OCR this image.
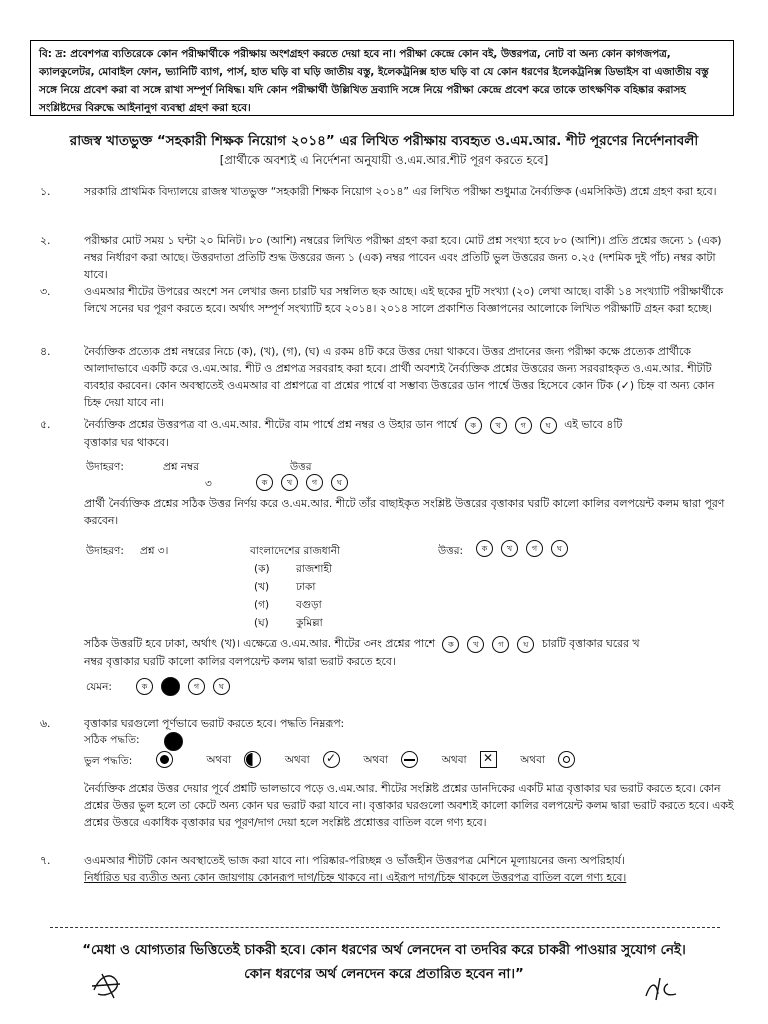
বি: দ্র: প্রবেশপত্র ব্যতিরেকে কোন পরীক্ষার্থীকে পরীক্ষায় অংশগ্রহণ করতে দেয়া হবে না। পরীক্ষা কেন্দ্রে কোন বই, উত্তরপত্র, নোট বা অন্য কোন কাগজপত্র, ক্যালকুলেটর, মোবাইল ফোন, ভ্যানিটি ব্যাগ, পার্স, হাত ঘড়ি বা ঘড়ি জাতীয় বস্তু, ইলেকট্রনিক্স হাত ঘড়ি বা যে কোন ধরণের ইলেকট্রনিক্স ডিভাইস বা এজাতীয় বস্তু সঙ্গে নিয়ে প্রবেশ করা বা সঙ্গে রাখা সম্পূর্ণ নিষিদ্ধ। যদি কোন পরীক্ষার্থী উল্লিখিত দ্রব্যাদি সঙ্গে নিয়ে পরীক্ষা কেন্দ্রে প্রবেশ করে তাকে তাৎক্ষণিক বহিষ্কার করাসহ সংশ্লিষ্টদের বিরুদ্ধে আইনানুগ ব্যবস্থা গ্রহণ করা হবে।
রাজস্ব খাতভুক্ত “সহকারী শিক্ষক নিয়োগ ২০১৪” এর লিখিত পরীক্ষায় ব্যবহৃত ও.এম.আর. শীট পূরণের নির্দেশনাবলী
[প্রার্থীকে অবশ্যই এ নির্দেশনা অনুযায়ী ও.এম.আর.শীট পূরণ করতে হবে]
১.	সরকারি প্রাথমিক বিদ্যালয়ে রাজস্ব খাতভুক্ত “সহকারী শিক্ষক নিয়োগ ২০১৪” এর লিখিত পরীক্ষা শুধুমাত্র নৈর্ব্যক্তিক (এমসিকিউ) প্রশ্নে গ্রহণ করা হবে।
২.	পরীক্ষার মোট সময় ১ ঘন্টা ২০ মিনিট। ৮০ (আশি) নম্বরের লিখিত পরীক্ষা গ্রহণ করা হবে। মোট প্রশ্ন সংখ্যা হবে ৮০ (আশি)। প্রতি প্রশ্নের জন্যে ১ (এক) নম্বর নির্ধারণ করা আছে। উত্তরদাতা প্রতিটি শুদ্ধ উত্তরের জন্য ১ (এক) নম্বর পাবেন এবং প্রতিটি ভুল উত্তরের জন্য ০.২৫ (দশমিক দুই পাঁচ) নম্বর কাটা যাবে।
৩.	ওএমআর শীটের উপরের অংশে সন লেখার জন্য চারটি ঘর সম্বলিত ছক আছে। এই ছকের দুটি সংখ্যা (২০) লেখা আছে। বাকী ১৪ সংখ্যাটি পরীক্ষার্থীকে লিখে সনের ঘর পূরণ করতে হবে। অর্থাৎ সম্পূর্ণ সংখ্যাটি হবে ২০১৪। ২০১৪ সালে প্রকাশিত বিজ্ঞাপনের আলোকে লিখিত পরীক্ষাটি গ্রহন করা হচ্ছে।
৪.	নৈর্ব্যক্তিক প্রত্যেক প্রশ্ন নম্বরের নিচে (ক), (খ), (গ), (ঘ) এ রকম ৪টি করে উত্তর দেয়া থাকবে। উত্তর প্রদানের জন্য পরীক্ষা কক্ষে প্রত্যেক প্রার্থীকে আলাদাভাবে একটি করে ও.এম.আর. শীট ও প্রশ্নপত্র সরবরাহ করা হবে। প্রার্থী অবশ্যই নৈর্ব্যক্তিক প্রশ্নের উত্তরের জন্য সরবরাহকৃত ও.এম.আর. শীটটি ব্যবহার করবেন। কোন অবস্থাতেই ওএমআর বা প্রশ্নপত্রে বা প্রশ্নের পার্শ্বে বা সম্ভাব্য উত্তরের ডান পার্শ্বে উত্তর হিসেবে কোন টিক (✓) চিহ্ন বা অন্য কোন চিহ্ন দেয়া যাবে না।
৫.	নৈর্ব্যক্তিক প্রশ্নের উত্তরপত্র বা ও.এম.আর. শীটের বাম পার্শ্বে প্রশ্ন নম্বর ও উহার ডান পার্শ্বে ক খ গ ঘ এই ভাবে ৪টি
বৃত্তাকার ঘর থাকবে।
উদাহরণ:	প্রশ্ন নম্বর	উত্তর
৩	ক খ গ ঘ
প্রার্থী নৈর্ব্যক্তিক প্রশ্নের সঠিক উত্তর নির্ণয় করে ও.এম.আর. শীটে তাঁর বাছাইকৃত সংশ্লিষ্ট উত্তরের বৃত্তাকার ঘরটি কালো কালির বলপয়েন্ট কলম দ্বারা পূরণ করবেন।
উদাহরণ: প্রশ্ন ৩।	বাংলাদেশের রাজধানী	উত্তর:	ক খ গ ঘ
(ক)	রাজশাহী
(খ)	ঢাকা
(গ)	বগুড়া
(ঘ)	কুমিল্লা
সঠিক উত্তরটি হবে ঢাকা, অর্থাৎ (খ)। এক্ষেত্রে ও.এম.আর. শীটের ৩নং প্রশ্নের পাশে ক খ গ ঘ চারটি বৃত্তাকার ঘরের খ
নম্বর বৃত্তাকার ঘরটি কালো কালির বলপয়েন্ট কলম দ্বারা ভরাট করতে হবে।
যেমন:	ক	গ ঘ
৬.	বৃত্তাকার ঘরগুলো পূর্ণভাবে ভরাট করতে হবে। পদ্ধতি নিম্নরূপ:
সঠিক পদ্ধতি:
ভুল পদ্ধতি:	অথবা	অথবা ✓	অথবা	অথবা ✕	অথবা
নৈর্ব্যক্তিক প্রশ্নের উত্তর দেয়ার পূর্বে প্রশ্নটি ভালভাবে পড়ে ও.এম.আর. শীটের সংশ্লিষ্ট প্রশ্নের ডানদিকের একটি মাত্র বৃত্তাকার ঘর ভরাট করতে হবে। কোন প্রশ্নের উত্তর ভুল হলে তা কেটে অন্য কোন ঘর ভরাট করা যাবে না। বৃত্তাকার ঘরগুলো অবশ্যই কালো কালির বলপয়েন্ট কলম দ্বারা ভরাট করতে হবে। একই প্রশ্নের উত্তরে একাধিক বৃত্তাকার ঘর পূরণ/দাগ দেয়া হলে সংশ্লিষ্ট প্রশ্নোত্তর বাতিল বলে গণ্য হবে।
৭.	ওএমআর শীটটি কোন অবস্থাতেই ভাজ করা যাবে না। পরিষ্কার-পরিচ্ছন্ন ও ভাঁজহীন উত্তরপত্র মেশিনে মূল্যায়নের জন্য অপরিহার্য।
নির্ধারিত ঘর ব্যতীত অন্য কোন জায়গায় কোনরূপ দাগ/চিহ্ন থাকবে না। এইরূপ দাগ/চিহ্ন থাকলে উত্তরপত্র বাতিল বলে গণ্য হবে।
“মেধা ও যোগ্যতার ভিত্তিতেই চাকরী হবে। কোন ধরণের অর্থ লেনদেন বা তদবির করে চাকরী পাওয়ার সুযোগ নেই।
কোন ধরণের অর্থ লেনদেন করে প্রতারিত হবেন না।”
